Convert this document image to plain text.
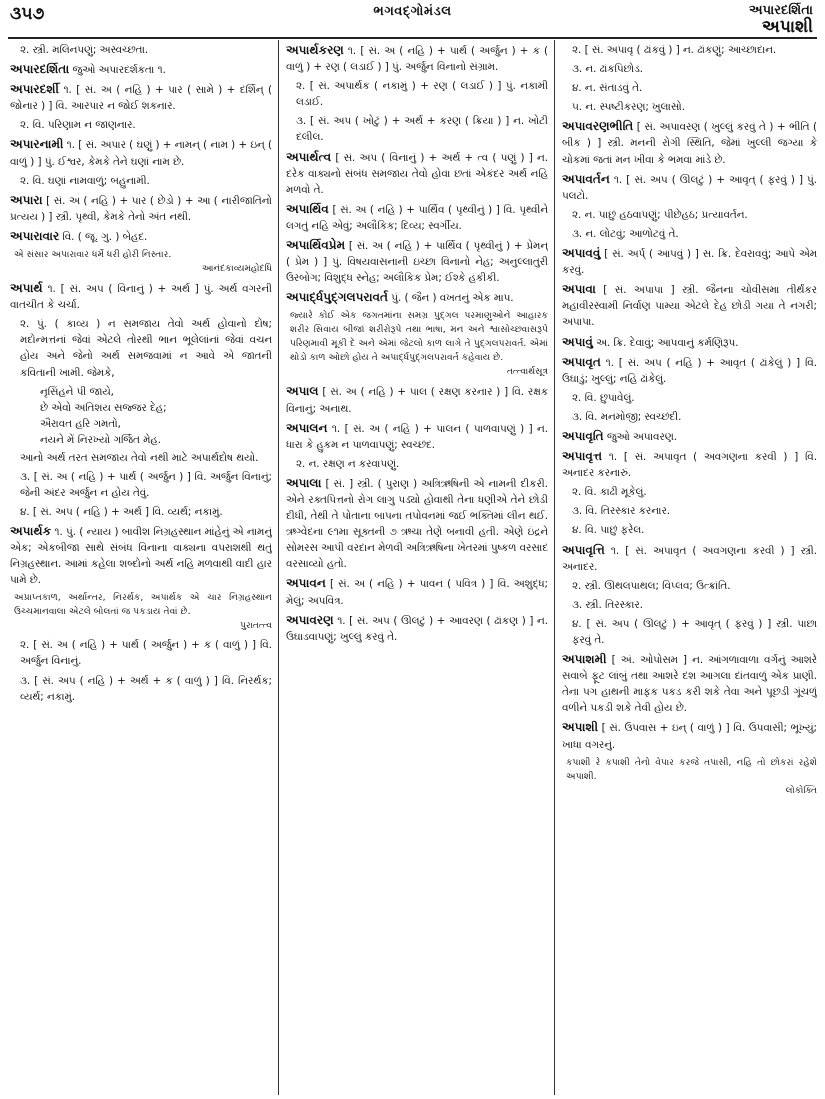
૩૫૭	ભગવદ્ગોમંડલ	અપારદર્શિતા
અપાશી
૨. સ્ત્રી. મલિનપણું; અસ્વચ્છતા.
અપારદર્શિતા જુઓ અપારદર્શકતા ૧.
અપારદર્શી ૧. [ સં. અ ( નહિ ) + પાર ( સામે ) + દર્શિન્ ( જોનાર ) ] વિ. આરપાર ન જોઈ શકનાર.
૨. વિ. પરિણામ ન જાણનાર.
અપારનામી ૧. [ સં. અપાર ( ઘણું ) + નામન્ ( નામ ) + ઇન્ ( વાળું ) ] પું. ઈશ્વર, કેમકે તેને ઘણાં નામ છે.
૨. વિ. ઘણાં નામવાળું; બહુનામી.
અપારા [ સં. અ ( નહિ ) + પાર ( છેડો ) + આ ( નારીજાતિનો પ્રત્યય ) ] સ્ત્રી. પૃથ્વી, કેમકે તેનો અંત નથી.
અપારાવાર વિ. ( જૂ. ગુ. ) બેહદ.
એ સંસાર અપારાવાર ધર્મે ધરી હોરી નિસ્તાર.
આનંદકાવ્યમહોદધિ
અપાર્થ ૧. [ સં. અપ ( વિનાનું ) + અર્થ ] પું. અર્થ વગરની વાતચીત કે ચર્ચા.
૨. પું. ( કાવ્ય ) ન સમજાય તેવો અર્થ હોવાનો દોષ; મદોન્મત્તનાં જેવાં એટલે તોરથી ભાન ભૂલેલાંનાં જેવાં વચન હોય અને જેનો અર્થ સમજવામાં ન આવે એ જાતની કવિતાની ખામી. જેમકે,
નૃસિંહને પી જાયે,
છે એવો અતિશય સજ્જર દેહ;
ઐરાવત હરિ ગમતો,
નયને મેં નિરખ્યો ગર્જિત મેહ.
આનો અર્થ તરત સમજાય તેવો નથી માટે અપાર્થદોષ થયો.
૩. [ સં. અ ( નહિ ) + પાર્થ ( અર્જુન ) ] વિ. અર્જુન વિનાનું; જેની અંદર અર્જુન ન હોય તેવું.
૪. [ સં. અપ ( નહિ ) + અર્થ ] વિ. વ્યર્થ; નકામું.
અપાર્થક ૧. પું. ( ન્યાય ) બાવીશ નિગ્રહસ્થાન માંહેનું એ નામનું એક; એકબીજા સાથે સંબંધ વિનાના વાક્યના વપરાશથી થતું નિગ્રહસ્થાન. આમાં કહેલા શબ્દોનો અર્થ નહિ મળવાથી વાદી હાર પામે છે.
અપ્રાપ્તકાળ, અર્થાન્તર, નિરર્થક, અપાર્થક એ ચાર નિગ્રહસ્થાન ઉચ્ચમાનવાલા એટલે બોલતાં જ પકડાય તેવાં છે.
પુરાતત્ત્વ
૨. [ સં. અ ( નહિ ) + પાર્થ ( અર્જુન ) + ક ( વાળું ) ] વિ. અર્જુન વિનાનું.
૩. [ સં. અપ ( નહિ ) + અર્થ + ક ( વાળું ) ] વિ. નિરર્થક; વ્યર્થ; નકામું.
અપાર્થકરણ ૧. [ સં. અ ( નહિ ) + પાર્થ ( અર્જુન ) + ક ( વાળું ) + રણ ( લડાઈ ) ] પું. અર્જુન વિનાનો સંગ્રામ.
૨. [ સં. અપાર્થક ( નકામું ) + રણ ( લડાઈ ) ] પું. નકામી લડાઈ.
૩. [ સં. અપ ( ખોટું ) + અર્થ + કરણ ( ક્રિયા ) ] ન. ખોટી દલીલ.
અપાર્થત્વ [ સં. અપ ( વિનાનું ) + અર્થ + ત્વ ( પણું ) ] ન. દરેક વાક્યનો સંબંધ સમજાય તેવો હોવા છતાં એકંદર અર્થ નહિ મળવો તે.
અપાર્થિવ [ સં. અ ( નહિ ) + પાર્થિવ ( પૃથ્વીનું ) ] વિ. પૃથ્વીને લગતું નહિ એવું; અલૌકિક; દિવ્ય; સ્વર્ગીય.
અપાર્થિવપ્રેમ [ સં. અ ( નહિ ) + પાર્થિવ ( પૃથ્વીનું ) + પ્રેમન્ ( પ્રેમ ) ] પું. વિષયવાસનાની ઇચ્છા વિનાનો નેહ; અનુલ્લાતુરી ઉરબોગ; વિશુદ્ધ સ્નેહ; અલૌકિક પ્રેમ; ઈશ્કે હકીકી.
અપાર્દ્ધપુદ્ગલપરાવર્ત પું. ( જૈન ) વખતનું એક માપ.
જ્યારે કોઈ એક જગતમાંના સમગ્ર પુદ્ગલ પરમાણુઓને આહારક શરીર સિવાય બીજાં શરીરોરૂપે તથા ભાષા, મન અને શ્વાસોચ્છ્વાસરૂપે પરિણમાવી મૂકી દે અને એમાં જેટલો કાળ લાગે તે પુદ્ગલપરાવર્ત. એમાં થોડો કાળ ઓછો હોય તે અપાર્દ્ધપુદ્ગલપરાવર્ત કહેવાય છે.
તત્ત્વાર્થસૂત્ર
અપાલ [ સં. અ ( નહિ ) + પાલ ( રક્ષણ કરનાર ) ] વિ. રક્ષક વિનાનું; અનાથ.
અપાલન ૧. [ સં. અ ( નહિ ) + પાલન ( પાળવાપણું ) ] ન. ધારા કે હુકમ ન પાળવાપણું; સ્વચ્છંદ.
૨. ન. રક્ષણ ન કરવાપણું.
અપાલા [ સં. ] સ્ત્રી. ( પુરાણ ) અત્રિઋષિની એ નામની દીકરી. એને રક્તપિત્તનો રોગ લાગુ પડ્યો હોવાથી તેના ધણીએ તેને છોડી દીધી, તેથી તે પોતાના બાપના તપોવનમાં જઈ ભક્તિમાં લીન થઈ. ઋગ્વેદના ૯૧મા સૂક્તની ૭ ઋચા તેણે બનાવી હતી. એણે ઇંદ્રને સોમરસ આપી વરદાન મેળવી અત્રિઋષિના ખેતરમાં પુષ્કળ વરસાદ વરસાવ્યો હતો.
અપાવન [ સં. અ ( નહિ ) + પાવન ( પવિત્ર ) ] વિ. અશુદ્ધ; મેલું; અપવિત્ર.
અપાવરણ ૧. [ સં. અપ ( ઊલટું ) + આવરણ ( ઢાંકણ ) ] ન. ઉઘાડવાપણું; ખુલ્લું કરવું તે.
૨. [ સં. અપાવૃ ( ઢાંકવું ) ] ન. ઢાંકણું; આચ્છાદાન.
૩. ન. ઢાંકપિછોડ.
૪. ન. સંતાડવું તે.
૫. ન. સ્પષ્ટીકરણ; ખુલાસો.
અપાવરણભીતિ [ સં. અપાવરણ ( ખુલ્લું કરવું તે ) + ભીતિ ( બીક ) ] સ્ત્રી. મનની રોગી સ્થિતિ, જેમાં ખુલ્લી જગ્યા કે ચોકમાં જતાં મન ખીવા કે ભમવા માંડે છે.
અપાવર્તન ૧. [ સં. અપ ( ઊલટું ) + આવૃત્ ( ફરવું ) ] પું. પલટો.
૨. ન. પાછું હઠવાપણું; પીછેહઠ; પ્રત્યાવર્તન.
૩. ન. લોટવું; આળોટવું તે.
અપાવવું [ સં. અર્પ્ ( આપવું ) ] સ. ક્રિ. દેવરાવવું; આપે એમ કરવું.
અપાવા [ સં. અપાપા ] સ્ત્રી. જૈનના ચોવીસમા તીર્થંકર મહાવીરસ્વામી નિર્વાણ પામ્યા એટલે દેહ છોડી ગયા તે નગરી; અપાપા.
અપાવું અ. ક્રિ. દેવાવું; આપવાનું કર્મણિરૂપ.
અપાવૃત ૧. [ સં. અપ ( નહિ ) + આવૃત ( ઢાંકેલું ) ] વિ. ઉઘાડું; ખુલ્લું; નહિ ઢાંકેલું.
૨. વિ. છુપાવેલું.
૩. વિ. મનમોજી; સ્વચ્છંદી.
અપાવૃતિ જુઓ અપાવરણ.
અપાવૃત્ત ૧. [ સં. અપાવૃત ( અવગણના કરવી ) ] વિ. અનાદર કરનારું.
૨. વિ. કાઢી મૂકેલું.
૩. વિ. તિરસ્કાર કરનાર.
૪. વિ. પાછું ફરેલ.
અપાવૃત્તિ ૧. [ સં. અપાવૃત ( અવગણના કરવી ) ] સ્ત્રી. અનાદર.
૨. સ્ત્રી. ઊથલપાથલ; વિપ્લવ; ઉત્ક્રાંતિ.
૩. સ્ત્રી. તિરસ્કાર.
૪. [ સં. અપ ( ઊલટું ) + આવૃત્ ( ફરવું ) ] સ્ત્રી. પાછા ફરવું તે.
અપાશમી [ અં. ઓપોસમ ] ન. આંગળાવાળા વર્ગનું આશરે સવાબે ફૂટ લાંબું તથા આશરે દશ આગલા દાંતવાળું એક પ્રાણી. તેના પગ હાથની માફક પકડ કરી શકે તેવા અને પૂછડી ગૂંચળું વળીને પકડી શકે તેવી હોય છે.
અપાશી [ સં. ઉપવાસ + ઇન્ ( વાળું ) ] વિ. ઉપવાસી; ભૂખ્યું; ખાધા વગરનું.
કપાશી રે કપાશી તેનો વેપાર કરજે તપાસી, નહિ તો છોકરાં રહેશે અપાશી.
લોકોક્તિ
